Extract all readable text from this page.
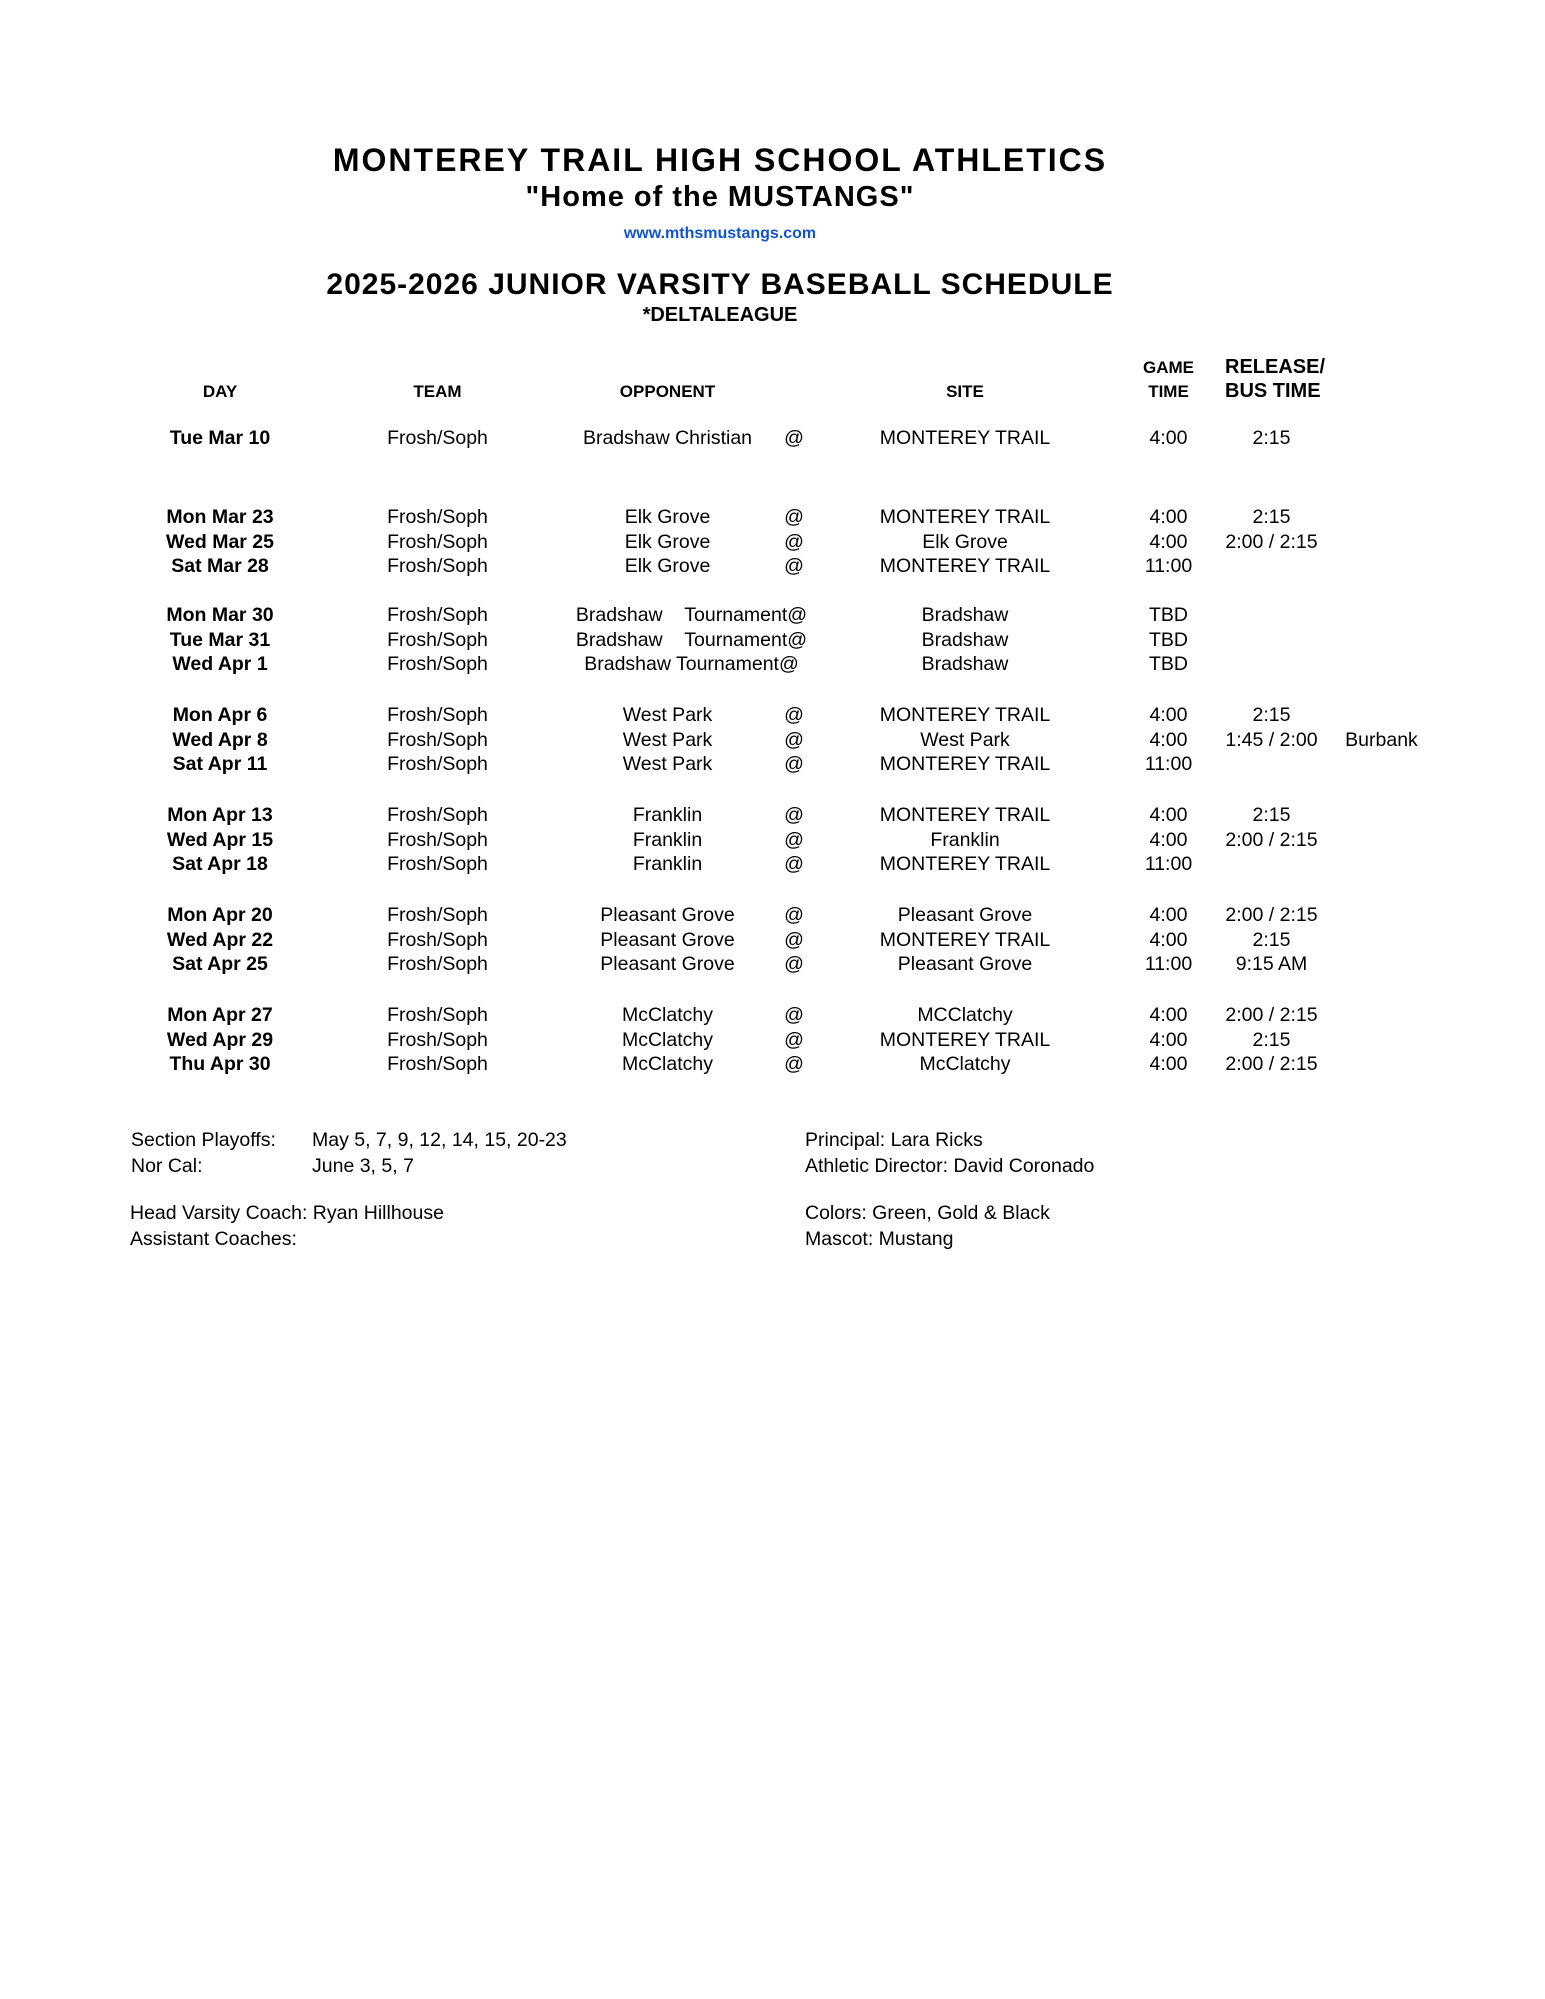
MONTEREY TRAIL HIGH SCHOOL ATHLETICS
"Home of the MUSTANGS"
www.mthsmustangs.com
2025-2026 JUNIOR VARSITY BASEBALL SCHEDULE
*DELTALEAGUE
DAY	TEAM	OPPONENT	SITE
GAME
TIME
RELEASE/
BUS TIME
Tue Mar 10	Frosh/Soph	Bradshaw Christian	@	MONTEREY TRAIL	4:00	2:15
Mon Mar 23	Frosh/Soph	Elk Grove	@	MONTEREY TRAIL	4:00	2:15
Wed Mar 25	Frosh/Soph	Elk Grove	@	Elk Grove	4:00	2:00 / 2:15
Sat Mar 28	Frosh/Soph	Elk Grove	@	MONTEREY TRAIL	11:00
Mon Mar 30	Frosh/Soph	Bradshaw    Tournament@	Bradshaw	TBD
Tue Mar 31	Frosh/Soph	Bradshaw    Tournament@	Bradshaw	TBD
Wed Apr 1	Frosh/Soph	Bradshaw Tournament@	Bradshaw	TBD
Mon Apr 6	Frosh/Soph	West Park	@	MONTEREY TRAIL	4:00	2:15
Wed Apr 8	Frosh/Soph	West Park	@	West Park	4:00	1:45 / 2:00	Burbank
Sat Apr 11	Frosh/Soph	West Park	@	MONTEREY TRAIL	11:00
Mon Apr 13	Frosh/Soph	Franklin	@	MONTEREY TRAIL	4:00	2:15
Wed Apr 15	Frosh/Soph	Franklin	@	Franklin	4:00	2:00 / 2:15
Sat Apr 18	Frosh/Soph	Franklin	@	MONTEREY TRAIL	11:00
Mon Apr 20	Frosh/Soph	Pleasant Grove	@	Pleasant Grove	4:00	2:00 / 2:15
Wed Apr 22	Frosh/Soph	Pleasant Grove	@	MONTEREY TRAIL	4:00	2:15
Sat Apr 25	Frosh/Soph	Pleasant Grove	@	Pleasant Grove	11:00	9:15 AM
Mon Apr 27	Frosh/Soph	McClatchy	@	MCClatchy	4:00	2:00 / 2:15
Wed Apr 29	Frosh/Soph	McClatchy	@	MONTEREY TRAIL	4:00	2:15
Thu Apr 30	Frosh/Soph	McClatchy	@	McClatchy	4:00	2:00 / 2:15
Section Playoffs: May 5, 7, 9, 12, 14, 15, 20-23
Nor Cal:	June 3, 5, 7
Principal: Lara Ricks
Athletic Director: David Coronado
Head Varsity Coach: Ryan Hillhouse
Assistant Coaches:
Colors: Green, Gold & Black
Mascot: Mustang
